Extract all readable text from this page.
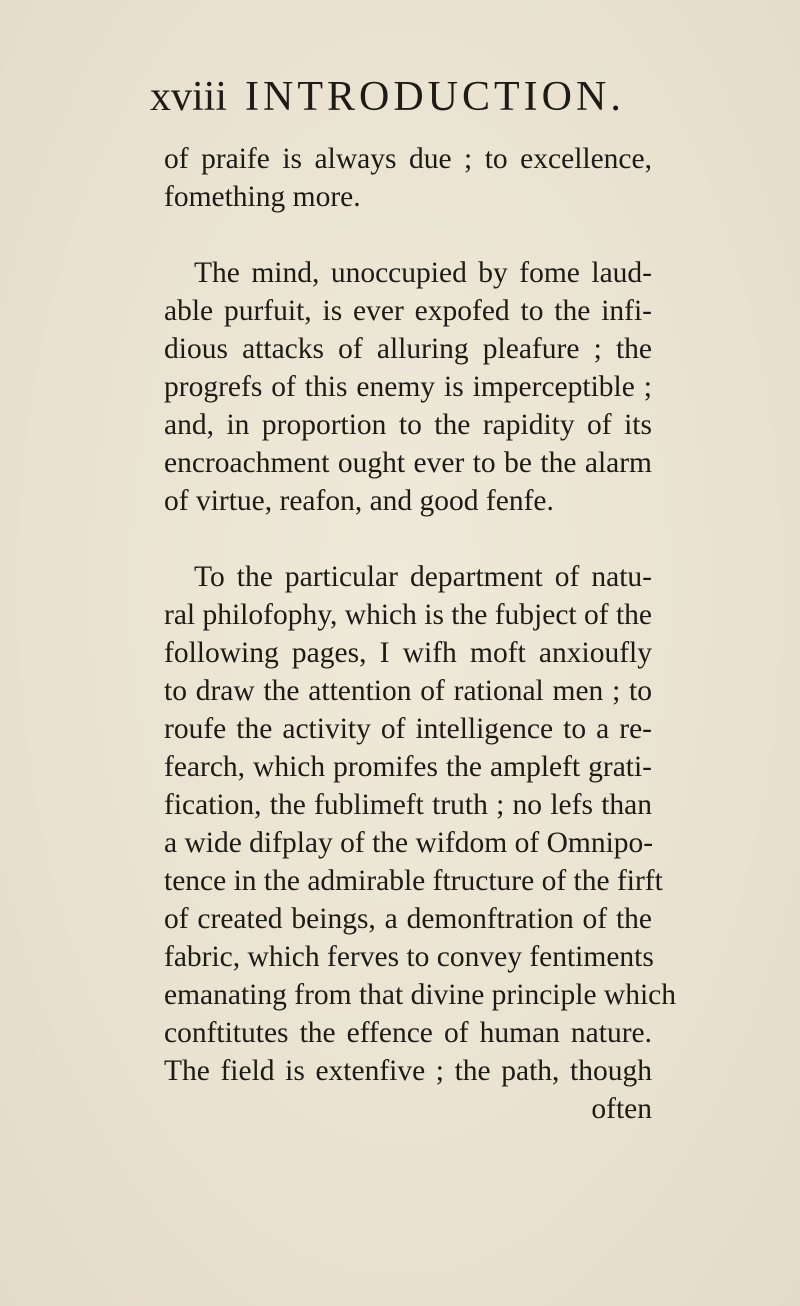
xviii INTRODUCTION.
of praife is always due ; to excellence,
fomething more.
The mind, unoccupied by fome laud-
able purfuit, is ever expofed to the infi-
dious attacks of alluring pleafure ; the
progrefs of this enemy is imperceptible ;
and, in proportion to the rapidity of its
encroachment ought ever to be the alarm
of virtue, reafon, and good fenfe.
To the particular department of natu-
ral philofophy, which is the fubject of the
following pages, I wifh moft anxioufly
to draw the attention of rational men ; to
roufe the activity of intelligence to a re-
fearch, which promifes the ampleft grati-
fication, the fublimeft truth ; no lefs than
a wide difplay of the wifdom of Omnipo-
tence in the admirable ftructure of the firft
of created beings, a demonftration of the
fabric, which ferves to convey fentiments
emanating from that divine principle which
conftitutes the effence of human nature.
The field is extenfive ; the path, though
often
